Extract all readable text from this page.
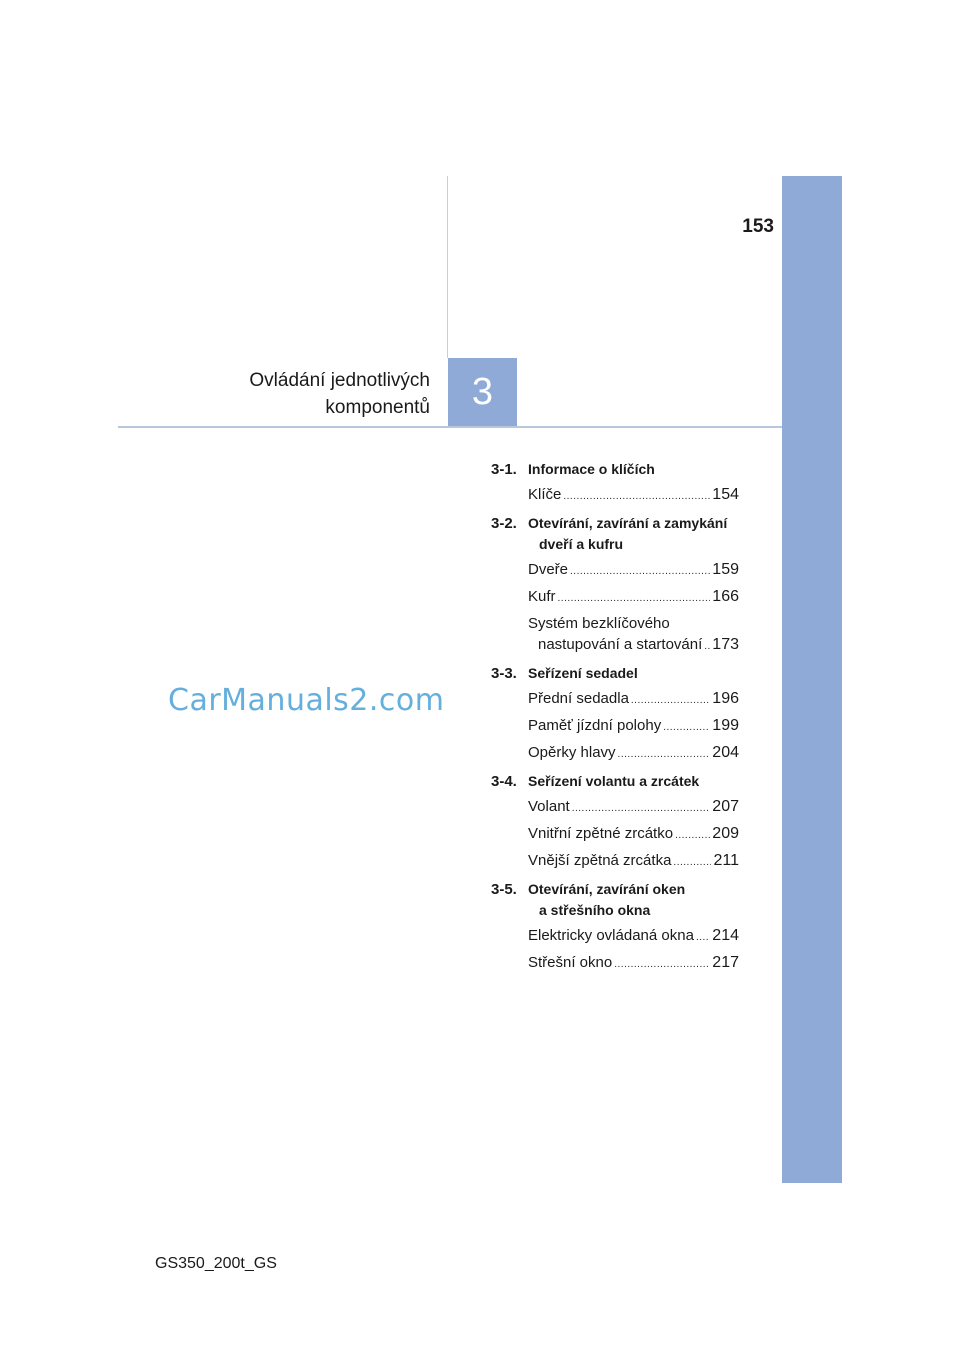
153
3
Ovládání jednotlivých
komponentů
CarManuals2.com
3-1. Informace o klíčích
Klíče .....	154
3-2. Otevírání, zavírání a zamykání
dveří a kufru
Dveře .....	159
Kufr .....	166
Systém bezklíčového
nastupování a startování ..... 173
3-3. Seřízení sedadel
Přední sedadla .....	196
Paměť jízdní polohy .....	199
Opěrky hlavy .....	204
3-4. Seřízení volantu a zrcátek
Volant .....	207
Vnitřní zpětné zrcátko ..... 209
Vnější zpětná zrcátka .....	211
3-5. Otevírání, zavírání oken
a střešního okna
Elektricky ovládaná okna ..... 214
Střešní okno .....	217
GS350_200t_GS
